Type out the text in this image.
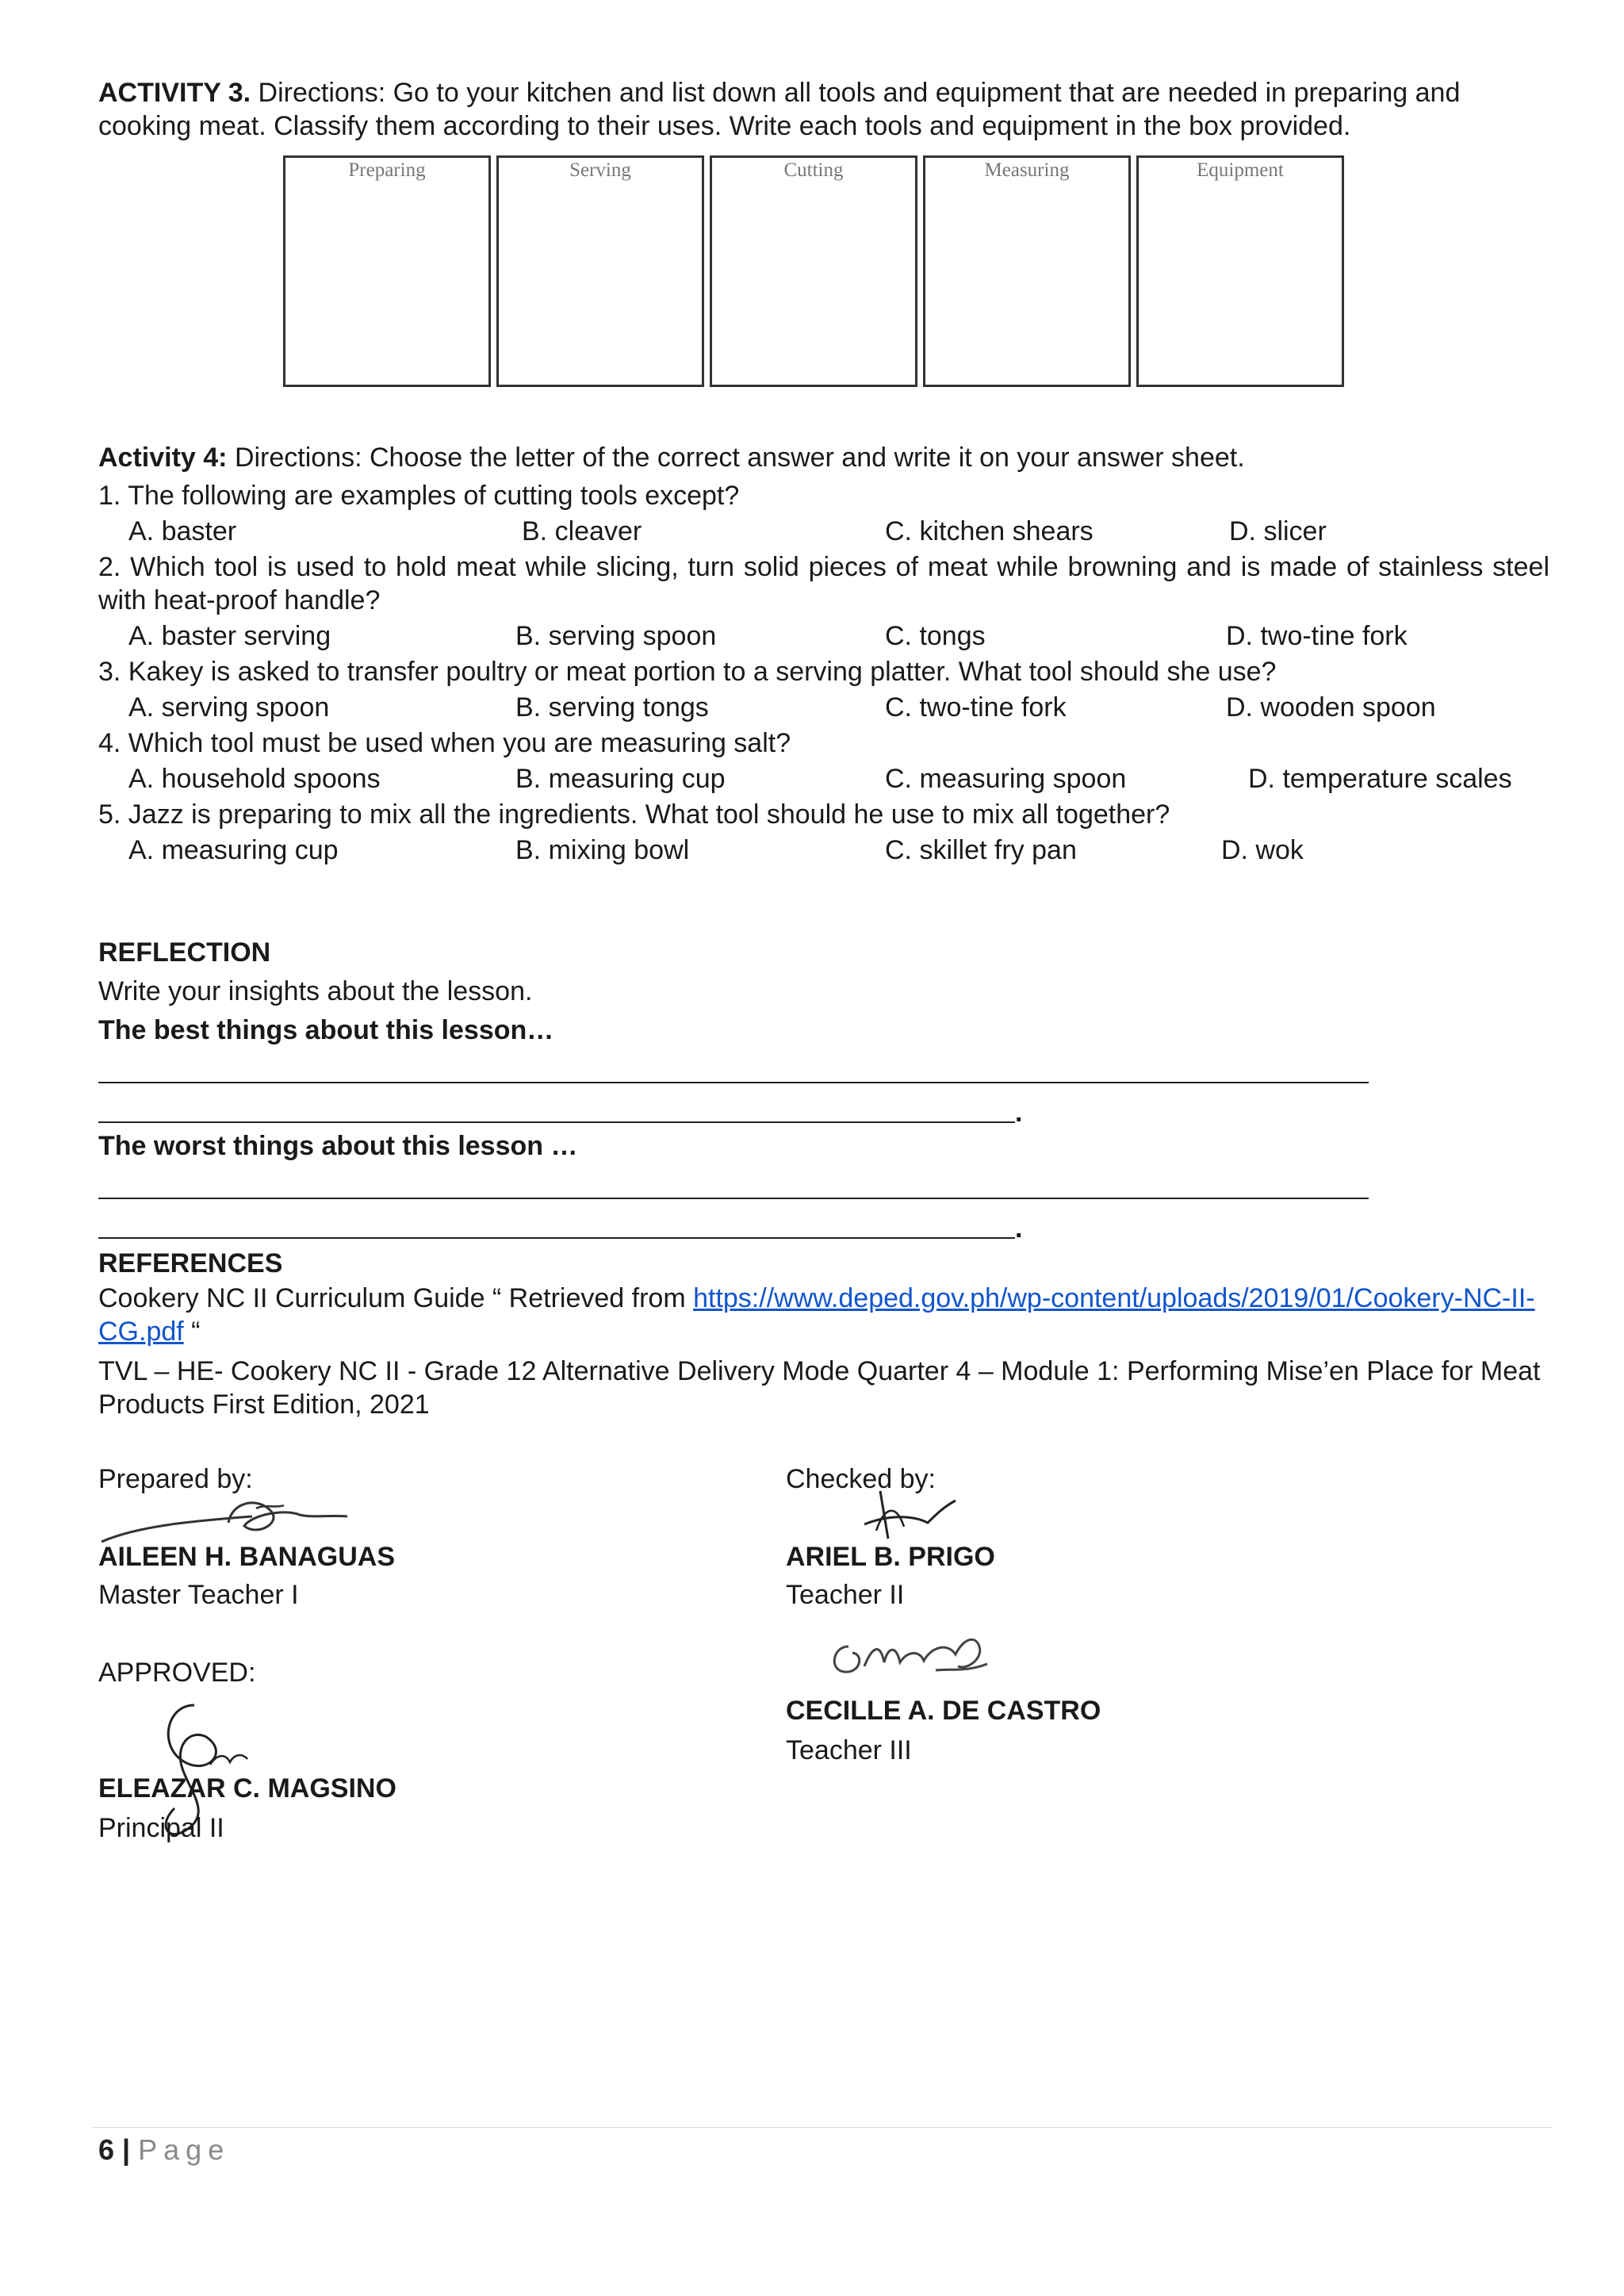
ACTIVITY 3. Directions: Go to your kitchen and list down all tools and equipment that are needed in preparing and cooking meat. Classify them according to their uses. Write each tools and equipment in the box provided.

Preparing	Serving	Cutting	Measuring	Equipment

Activity 4: Directions: Choose the letter of the correct answer and write it on your answer sheet.

1. The following are examples of cutting tools except?

A. baster	B. cleaver	C. kitchen shears	D. slicer

2. Which tool is used to hold meat while slicing, turn solid pieces of meat while browning and is made of stainless steel with heat-proof handle?

A. baster serving	B. serving spoon	C. tongs	D. two-tine fork

3. Kakey is asked to transfer poultry or meat portion to a serving platter. What tool should she use?

A. serving spoon	B. serving tongs	C. two-tine fork	D. wooden spoon

4. Which tool must be used when you are measuring salt?

A. household spoons	B. measuring cup	C. measuring spoon	D. temperature scales

5. Jazz is preparing to mix all the ingredients. What tool should he use to mix all together?

A. measuring cup	B. mixing bowl	C. skillet fry pan	D. wok

REFLECTION

Write your insights about the lesson.

The best things about this lesson…

.

The worst things about this lesson …

.

REFERENCES

Cookery NC II Curriculum Guide “ Retrieved from https://www.deped.gov.ph/wp-content/uploads/2019/01/Cookery-NC-II-CG.pdf “

TVL – HE- Cookery NC II - Grade 12 Alternative Delivery Mode Quarter 4 – Module 1: Performing Mise’en Place for Meat Products First Edition, 2021

Prepared by:

AILEEN H. BANAGUAS

Master Teacher I

APPROVED:

ELEAZAR C. MAGSINO

Principal II

Checked by:

ARIEL B. PRIGO

Teacher II

CECILLE A. DE CASTRO

Teacher III

6 | Page
